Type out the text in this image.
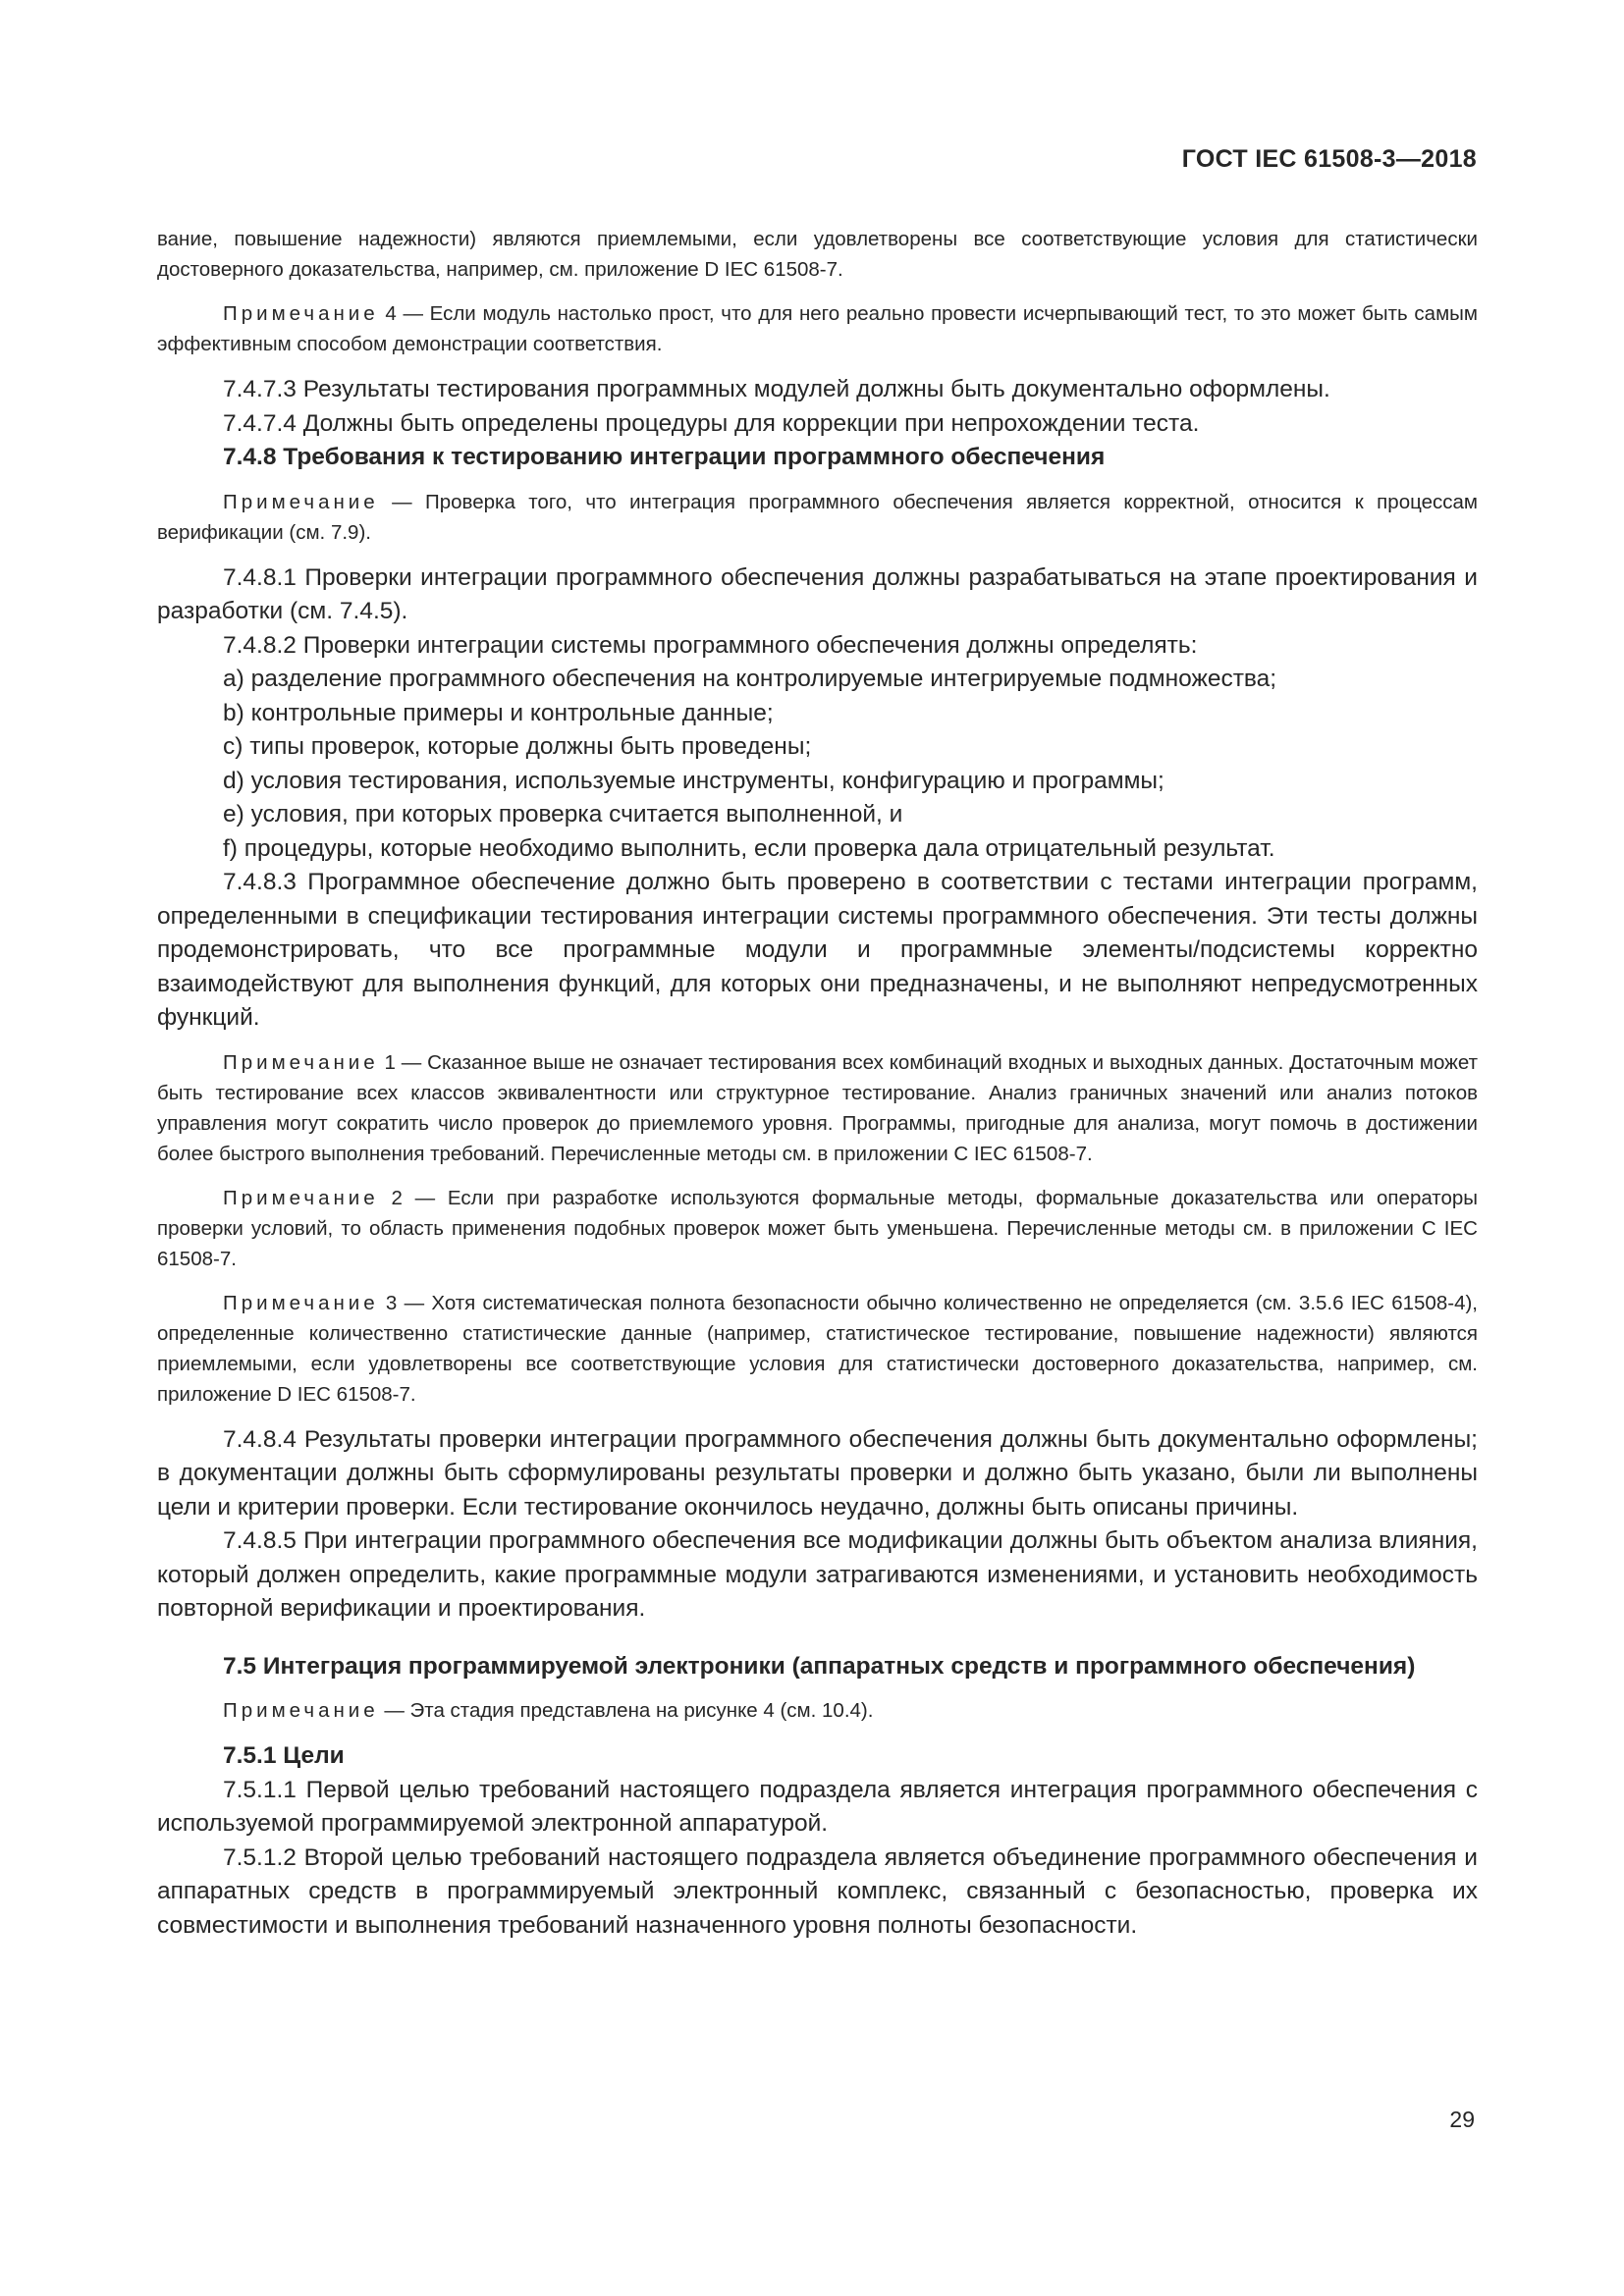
ГОСТ IEC 61508-3—2018
вание, повышение надежности) являются приемлемыми, если удовлетворены все соответствующие условия для статистически достоверного доказательства, например, см. приложение D IEC 61508-7.
Примечание 4 — Если модуль настолько прост, что для него реально провести исчерпывающий тест, то это может быть самым эффективным способом демонстрации соответствия.

7.4.7.3 Результаты тестирования программных модулей должны быть документально оформлены.

7.4.7.4 Должны быть определены процедуры для коррекции при непрохождении теста.

7.4.8 Требования к тестированию интеграции программного обеспечения

Примечание — Проверка того, что интеграция программного обеспечения является корректной, относится к процессам верификации (см. 7.9).

7.4.8.1 Проверки интеграции программного обеспечения должны разрабатываться на этапе проектирования и разработки (см. 7.4.5).

7.4.8.2 Проверки интеграции системы программного обеспечения должны определять:

a) разделение программного обеспечения на контролируемые интегрируемые подмножества;

b) контрольные примеры и контрольные данные;

c) типы проверок, которые должны быть проведены;

d) условия тестирования, используемые инструменты, конфигурацию и программы;

e) условия, при которых проверка считается выполненной, и

f) процедуры, которые необходимо выполнить, если проверка дала отрицательный результат.

7.4.8.3 Программное обеспечение должно быть проверено в соответствии с тестами интеграции программ, определенными в спецификации тестирования интеграции системы программного обеспечения. Эти тесты должны продемонстрировать, что все программные модули и программные элементы/подсистемы корректно взаимодействуют для выполнения функций, для которых они предназначены, и не выполняют непредусмотренных функций.

Примечание 1 — Сказанное выше не означает тестирования всех комбинаций входных и выходных данных. Достаточным может быть тестирование всех классов эквивалентности или структурное тестирование. Анализ граничных значений или анализ потоков управления могут сократить число проверок до приемлемого уровня. Программы, пригодные для анализа, могут помочь в достижении более быстрого выполнения требований. Перечисленные методы см. в приложении С IEC 61508-7.
Примечание 2 — Если при разработке используются формальные методы, формальные доказательства или операторы проверки условий, то область применения подобных проверок может быть уменьшена. Перечисленные методы см. в приложении С IEC 61508-7.
Примечание 3 — Хотя систематическая полнота безопасности обычно количественно не определяется (см. 3.5.6 IEC 61508-4), определенные количественно статистические данные (например, статистическое тестирование, повышение надежности) являются приемлемыми, если удовлетворены все соответствующие условия для статистически достоверного доказательства, например, см. приложение D IEC 61508-7.

7.4.8.4 Результаты проверки интеграции программного обеспечения должны быть документально оформлены; в документации должны быть сформулированы результаты проверки и должно быть указано, были ли выполнены цели и критерии проверки. Если тестирование окончилось неудачно, должны быть описаны причины.

7.4.8.5 При интеграции программного обеспечения все модификации должны быть объектом анализа влияния, который должен определить, какие программные модули затрагиваются изменениями, и установить необходимость повторной верификации и проектирования.

7.5 Интеграция программируемой электроники (аппаратных средств и программного обеспечения)

Примечание — Эта стадия представлена на рисунке 4 (см. 10.4).

7.5.1 Цели

7.5.1.1 Первой целью требований настоящего подраздела является интеграция программного обеспечения с используемой программируемой электронной аппаратурой.

7.5.1.2 Второй целью требований настоящего подраздела является объединение программного обеспечения и аппаратных средств в программируемый электронный комплекс, связанный с безопасностью, проверка их совместимости и выполнения требований назначенного уровня полноты безопасности.

29
